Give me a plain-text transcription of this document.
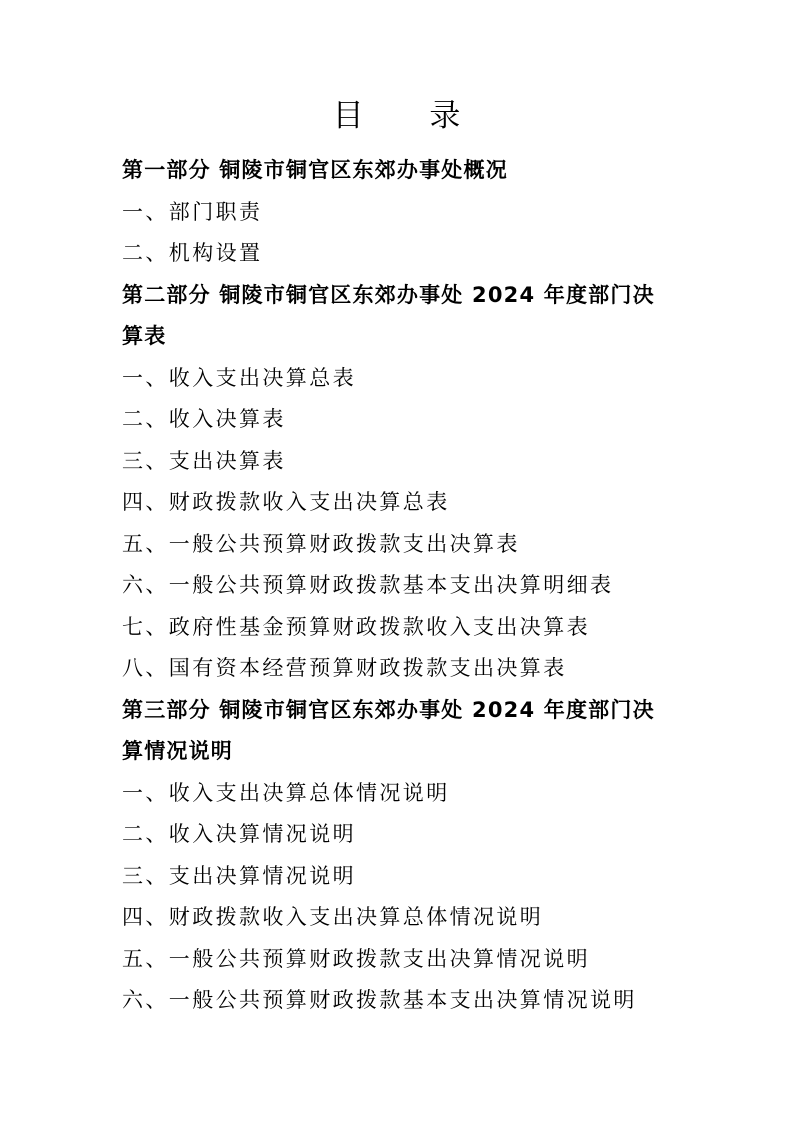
目 录
第一部分 铜陵市铜官区东郊办事处概况
一、部门职责
二、机构设置
第二部分 铜陵市铜官区东郊办事处 2024 年度部门决
算表
一、收入支出决算总表
二、收入决算表
三、支出决算表
四、财政拨款收入支出决算总表
五、一般公共预算财政拨款支出决算表
六、一般公共预算财政拨款基本支出决算明细表
七、政府性基金预算财政拨款收入支出决算表
八、国有资本经营预算财政拨款支出决算表
第三部分 铜陵市铜官区东郊办事处 2024 年度部门决
算情况说明
一、收入支出决算总体情况说明
二、收入决算情况说明
三、支出决算情况说明
四、财政拨款收入支出决算总体情况说明
五、一般公共预算财政拨款支出决算情况说明
六、一般公共预算财政拨款基本支出决算情况说明
